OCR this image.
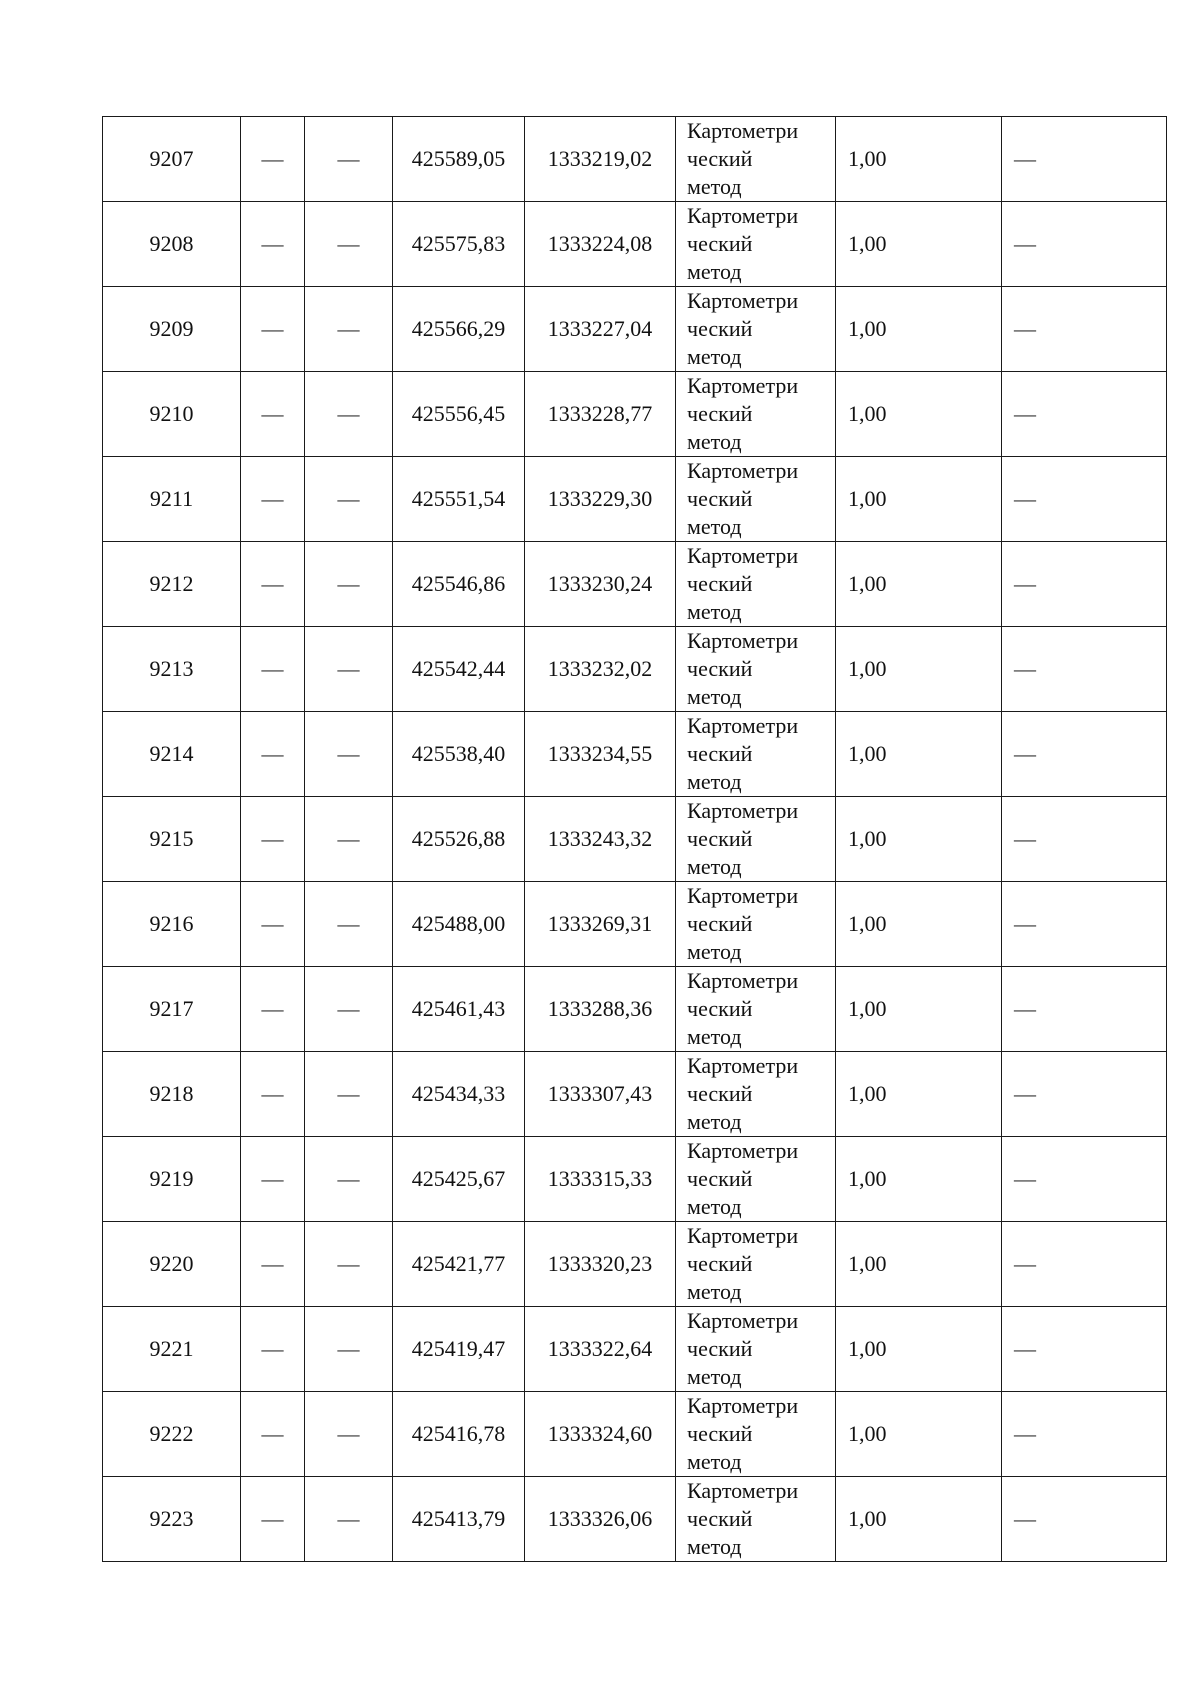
9207	—	—	425589,05	1333219,02	Картометри
ческий
метод	1,00	—
9208	—	—	425575,83	1333224,08	Картометри
ческий
метод	1,00	—
9209	—	—	425566,29	1333227,04	Картометри
ческий
метод	1,00	—
9210	—	—	425556,45	1333228,77	Картометри
ческий
метод	1,00	—
9211	—	—	425551,54	1333229,30	Картометри
ческий
метод	1,00	—
9212	—	—	425546,86	1333230,24	Картометри
ческий
метод	1,00	—
9213	—	—	425542,44	1333232,02	Картометри
ческий
метод	1,00	—
9214	—	—	425538,40	1333234,55	Картометри
ческий
метод	1,00	—
9215	—	—	425526,88	1333243,32	Картометри
ческий
метод	1,00	—
9216	—	—	425488,00	1333269,31	Картометри
ческий
метод	1,00	—
9217	—	—	425461,43	1333288,36	Картометри
ческий
метод	1,00	—
9218	—	—	425434,33	1333307,43	Картометри
ческий
метод	1,00	—
9219	—	—	425425,67	1333315,33	Картометри
ческий
метод	1,00	—
9220	—	—	425421,77	1333320,23	Картометри
ческий
метод	1,00	—
9221	—	—	425419,47	1333322,64	Картометри
ческий
метод	1,00	—
9222	—	—	425416,78	1333324,60	Картометри
ческий
метод	1,00	—
9223	—	—	425413,79	1333326,06	Картометри
ческий
метод	1,00	—
